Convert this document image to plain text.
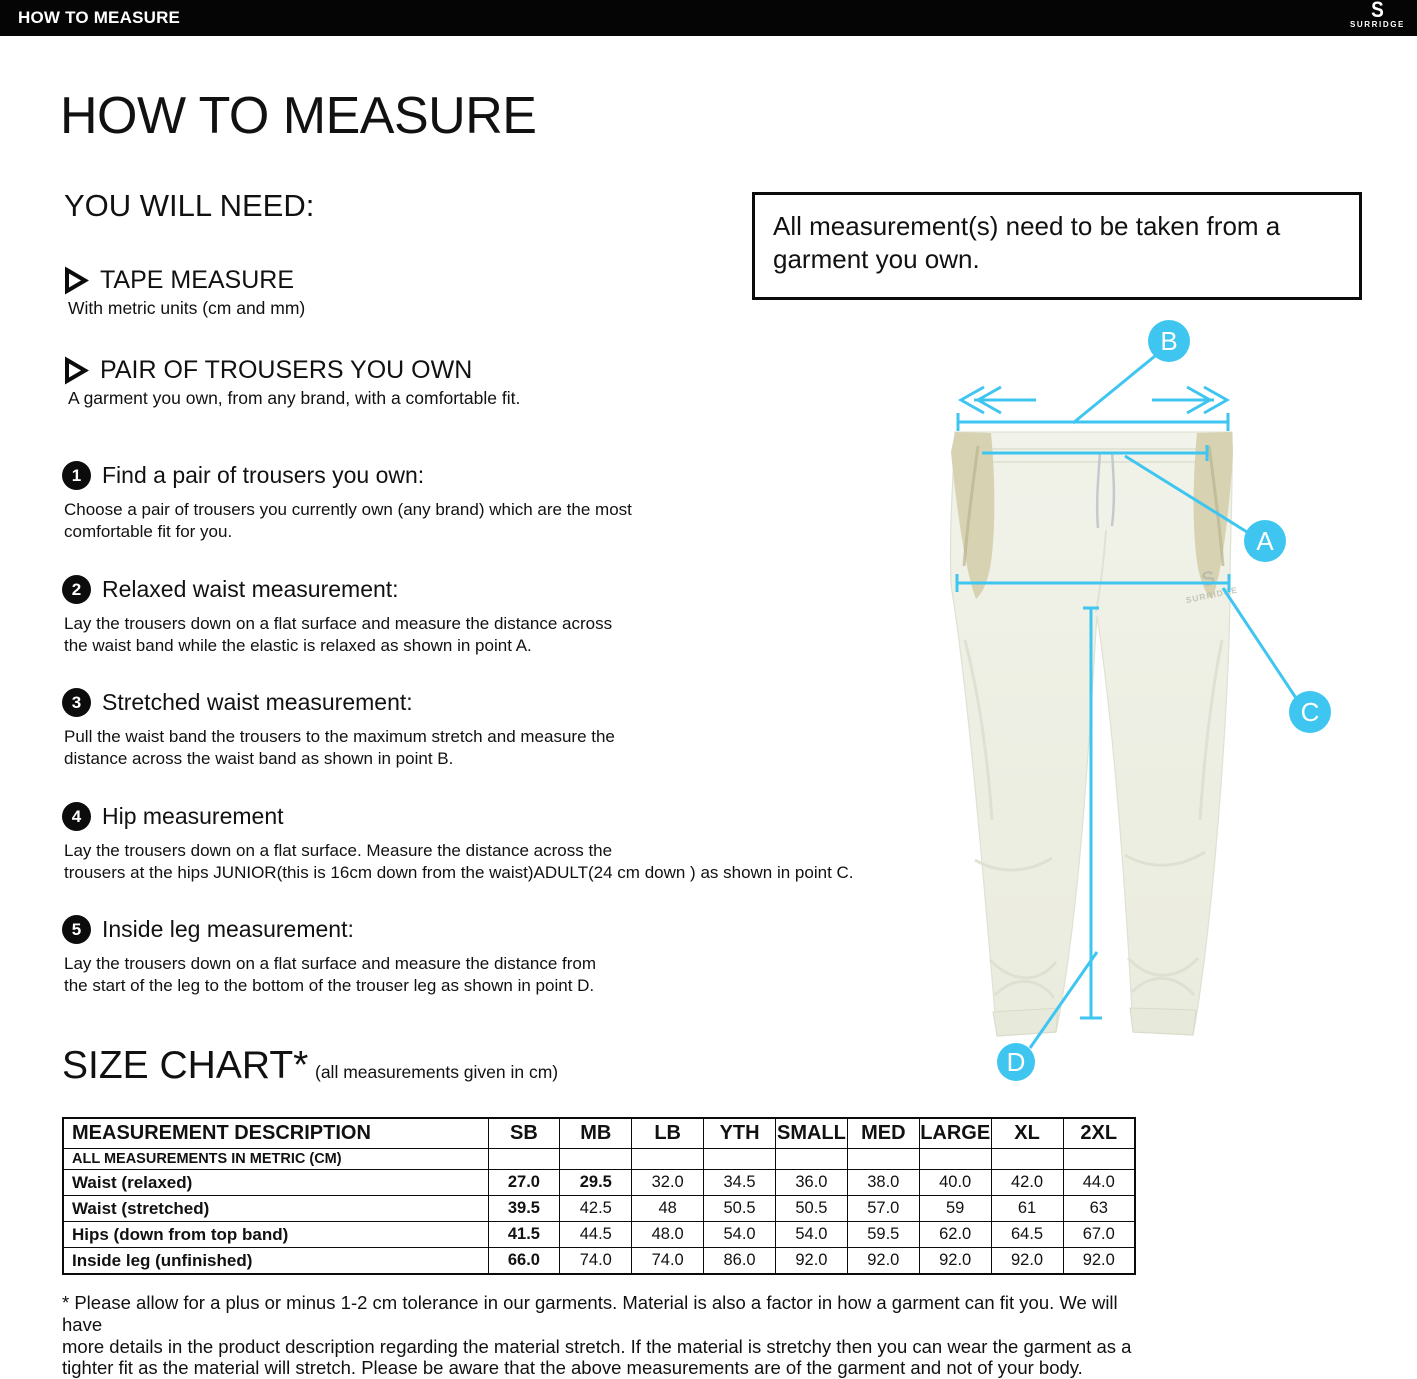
HOW TO MEASURE	S
SURRIDGE
HOW TO MEASURE
YOU WILL NEED:
TAPE MEASURE
With metric units (cm and mm)
PAIR OF TROUSERS YOU OWN
A garment you own, from any brand, with a comfortable fit.
All measurement(s) need to be taken from a
garment you own.
1 Find a pair of trousers you own:
Choose a pair of trousers you currently own (any brand) which are the most
comfortable fit for you.
2 Relaxed waist measurement:
Lay the trousers down on a flat surface and measure the distance across
the waist band while the elastic is relaxed as shown in point A.
3 Stretched waist measurement:
Pull the waist band the trousers to the maximum stretch and measure the
distance across the waist band as shown in point B.
4 Hip measurement
Lay the trousers down on a flat surface. Measure the distance across the
trousers at the hips JUNIOR(this is 16cm down from the waist)ADULT(24 cm down ) as shown in point C.
5 Inside leg measurement:
Lay the trousers down on a flat surface and measure the distance from
the start of the leg to the bottom of the trouser leg as shown in point D.
S
SURRIDGE
B
A
C
D
SIZE CHART* (all measurements given in cm)
MEASUREMENT DESCRIPTION	SB	MB	LB	YTH	SMALL	MED	LARGE	XL	2XL
ALL MEASUREMENTS IN METRIC (CM)									
Waist (relaxed)	27.0	29.5	32.0	34.5	36.0	38.0	40.0	42.0	44.0
Waist (stretched)	39.5	42.5	48	50.5	50.5	57.0	59	61	63
Hips (down from top band)	41.5	44.5	48.0	54.0	54.0	59.5	62.0	64.5	67.0
Inside leg (unfinished)	66.0	74.0	74.0	86.0	92.0	92.0	92.0	92.0	92.0
* Please allow for a plus or minus 1-2 cm tolerance in our garments. Material is also a factor in how a garment can fit you. We will have
more details in the product description regarding the material stretch. If the material is stretchy then you can wear the garment as a
tighter fit as the material will stretch. Please be aware that the above measurements are of the garment and not of your body.
